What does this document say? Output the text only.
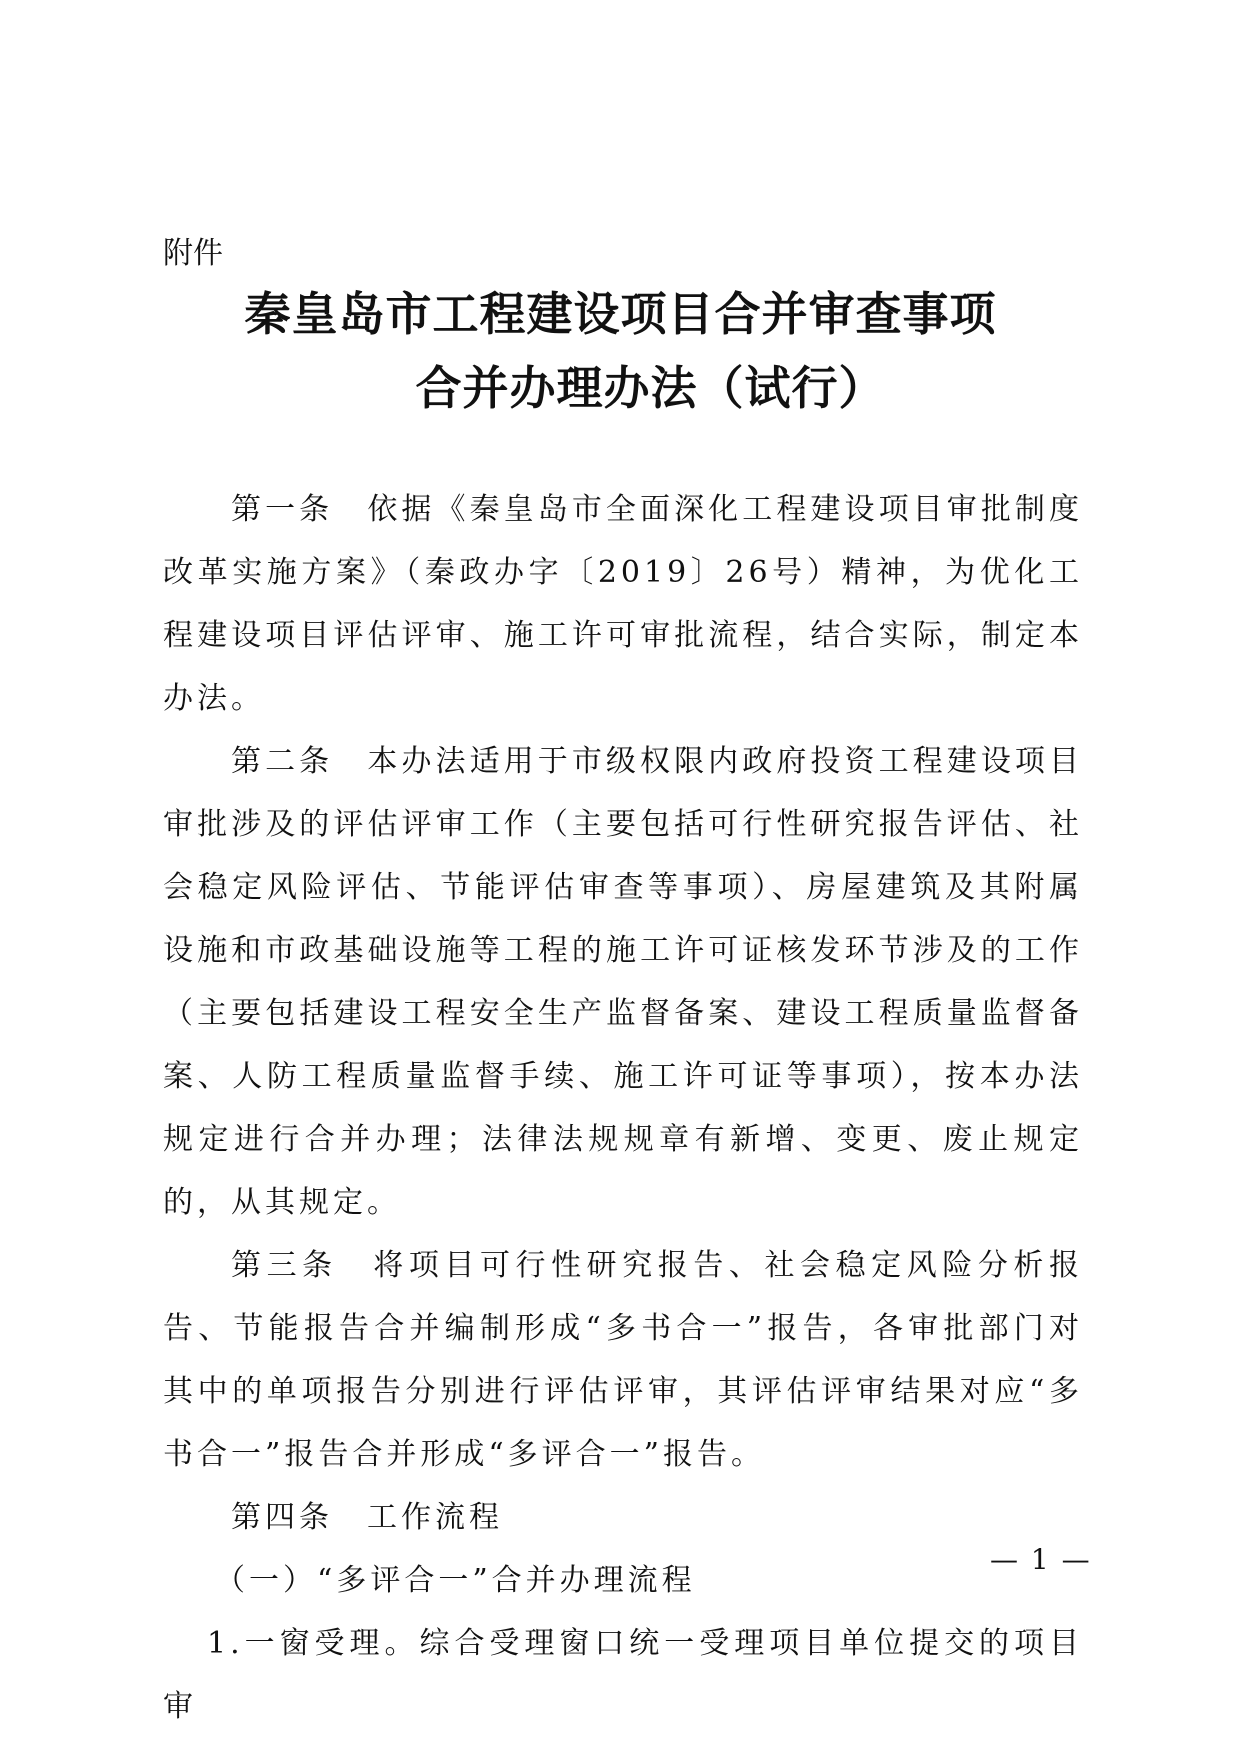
附件
秦皇岛市工程建设项目合并审查事项
合并办理办法（试行）

第一条　依据《秦皇岛市全面深化工程建设项目审批制度改革实施方案》（秦政办字〔2019〕26号）精神，为优化工程建设项目评估评审、施工许可审批流程，结合实际，制定本办法。

第二条　本办法适用于市级权限内政府投资工程建设项目审批涉及的评估评审工作（主要包括可行性研究报告评估、社会稳定风险评估、节能评估审查等事项）、房屋建筑及其附属设施和市政基础设施等工程的施工许可证核发环节涉及的工作（主要包括建设工程安全生产监督备案、建设工程质量监督备案、人防工程质量监督手续、施工许可证等事项），按本办法规定进行合并办理；法律法规规章有新增、变更、废止规定的，从其规定。

第三条　将项目可行性研究报告、社会稳定风险分析报告、节能报告合并编制形成“多书合一”报告，各审批部门对其中的单项报告分别进行评估评审，其评估评审结果对应“多书合一”报告合并形成“多评合一”报告。

第四条　工作流程

（一）“多评合一”合并办理流程

1.一窗受理。综合受理窗口统一受理项目单位提交的项目审

— 1 —
